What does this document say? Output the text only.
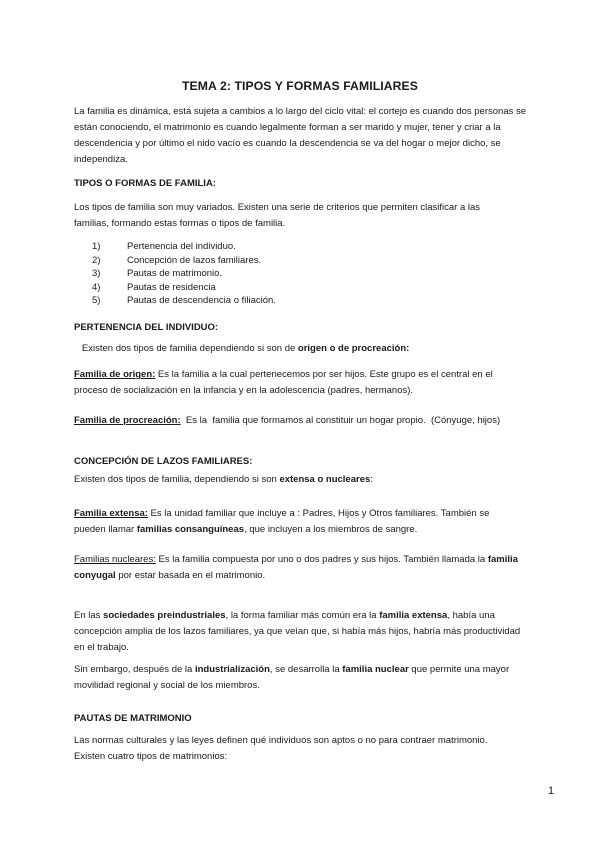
TEMA 2: TIPOS Y FORMAS FAMILIARES

La familia es dinámica, está sujeta a cambios a lo largo del ciclo vital: el cortejo es cuando dos personas se

están conociendo, el matrimonio es cuando legalmente forman a ser marido y mujer, tener y criar a la

descendencia y por último el nido vacío es cuando la descendencia se va del hogar o mejor dicho, se

independiza.

TIPOS O FORMAS DE FAMILIA:

Los tipos de familia son muy variados. Existen una serie de criterios que permiten clasificar a las

familias, formando estas formas o tipos de familia.

1)	Pertenencia del individuo.
2)	Concepción de lazos familiares.
3)	Pautas de matrimonio.
4)	Pautas de residencia
5)	Pautas de descendencia o filiación.
PERTENENCIA DEL INDIVIDUO:

Existen dos tipos de familia dependiendo si son de origen o de procreación:

Familia de origen: Es la familia a la cual pertenecemos por ser hijos. Este grupo es el central en el

proceso de socialización en la infancia y en la adolescencia (padres, hermanos).

Familia de procreación:  Es la  familia que formamos al constituir un hogar propio.  (Cónyuge, hijos)

CONCEPCIÓN DE LAZOS FAMILIARES:

Existen dos tipos de familia, dependiendo si son extensa o nucleares:

Familia extensa: Es la unidad familiar que incluye a : Padres, Hijos y Otros familiares. También se

pueden llamar familias consanguíneas, que incluyen a los miembros de sangre.

Familias nucleares: Es la familia compuesta por uno o dos padres y sus hijos. También llamada la familia

conyugal por estar basada en el matrimonio.

En las sociedades preindustriales, la forma familiar más común era la familia extensa, había una

concepción amplia de los lazos familiares, ya que veían que, si había más hijos, habría más productividad

en el trabajo.

Sin embargo, después de la industrialización, se desarrolla la familia nuclear que permite una mayor

movilidad regional y social de los miembros.

PAUTAS DE MATRIMONIO

Las normas culturales y las leyes definen qué individuos son aptos o no para contraer matrimonio.

Existen cuatro tipos de matrimonios:

1
